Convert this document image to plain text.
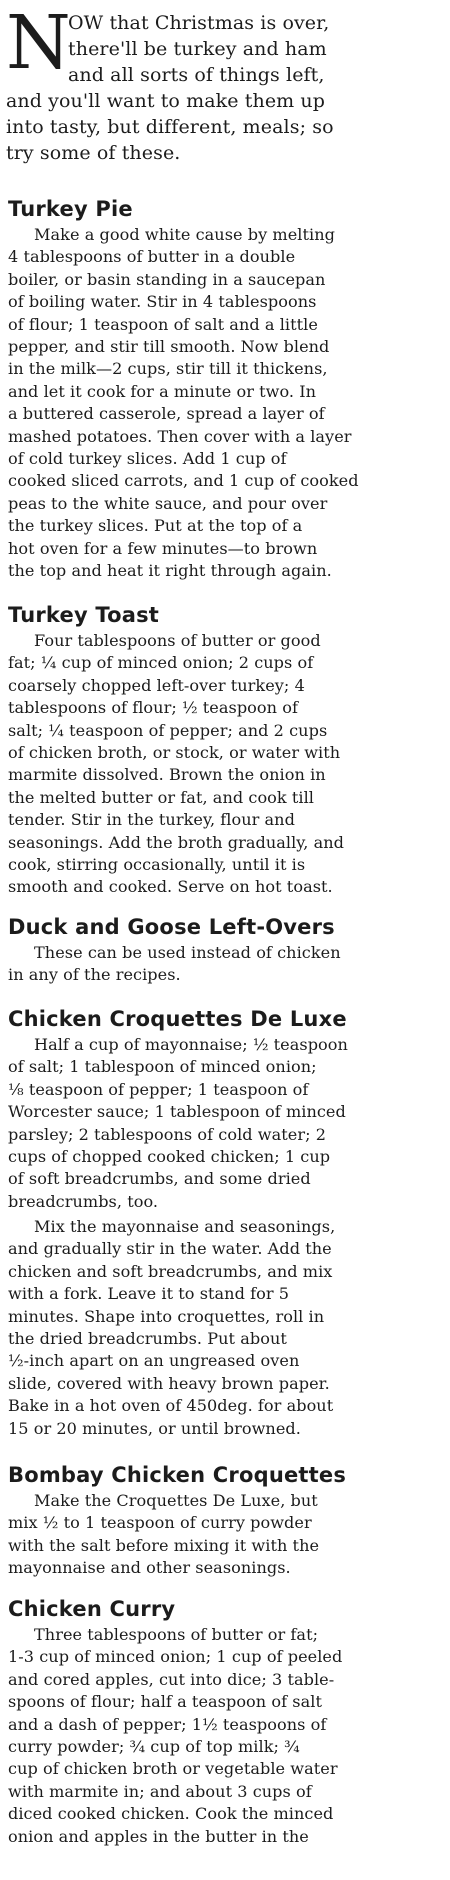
N
OW that Christmas is over,
there'll be turkey and ham
and all sorts of things left,
and you'll want to make them up
into tasty, but different, meals; so
try some of these.
Turkey Pie
Make a good white cause by melting
4 tablespoons of butter in a double
boiler, or basin standing in a saucepan
of boiling water. Stir in 4 tablespoons
of flour; 1 teaspoon of salt and a little
pepper, and stir till smooth. Now blend
in the milk—2 cups, stir till it thickens,
and let it cook for a minute or two. In
a buttered casserole, spread a layer of
mashed potatoes. Then cover with a layer
of cold turkey slices. Add 1 cup of
cooked sliced carrots, and 1 cup of cooked
peas to the white sauce, and pour over
the turkey slices. Put at the top of a
hot oven for a few minutes—to brown
the top and heat it right through again.
Turkey Toast
Four tablespoons of butter or good
fat; ¼ cup of minced onion; 2 cups of
coarsely chopped left-over turkey; 4
tablespoons of flour; ½ teaspoon of
salt; ¼ teaspoon of pepper; and 2 cups
of chicken broth, or stock, or water with
marmite dissolved. Brown the onion in
the melted butter or fat, and cook till
tender. Stir in the turkey, flour and
seasonings. Add the broth gradually, and
cook, stirring occasionally, until it is
smooth and cooked. Serve on hot toast.
Duck and Goose Left-Overs
These can be used instead of chicken
in any of the recipes.
Chicken Croquettes De Luxe
Half a cup of mayonnaise; ½ teaspoon
of salt; 1 tablespoon of minced onion;
⅛ teaspoon of pepper; 1 teaspoon of
Worcester sauce; 1 tablespoon of minced
parsley; 2 tablespoons of cold water; 2
cups of chopped cooked chicken; 1 cup
of soft breadcrumbs, and some dried
breadcrumbs, too.
Mix the mayonnaise and seasonings,
and gradually stir in the water. Add the
chicken and soft breadcrumbs, and mix
with a fork. Leave it to stand for 5
minutes. Shape into croquettes, roll in
the dried breadcrumbs. Put about
½-inch apart on an ungreased oven
slide, covered with heavy brown paper.
Bake in a hot oven of 450deg. for about
15 or 20 minutes, or until browned.
Bombay Chicken Croquettes
Make the Croquettes De Luxe, but
mix ½ to 1 teaspoon of curry powder
with the salt before mixing it with the
mayonnaise and other seasonings.
Chicken Curry
Three tablespoons of butter or fat;
1-3 cup of minced onion; 1 cup of peeled
and cored apples, cut into dice; 3 table-
spoons of flour; half a teaspoon of salt
and a dash of pepper; 1½ teaspoons of
curry powder; ¾ cup of top milk; ¾
cup of chicken broth or vegetable water
with marmite in; and about 3 cups of
diced cooked chicken. Cook the minced
onion and apples in the butter in the
